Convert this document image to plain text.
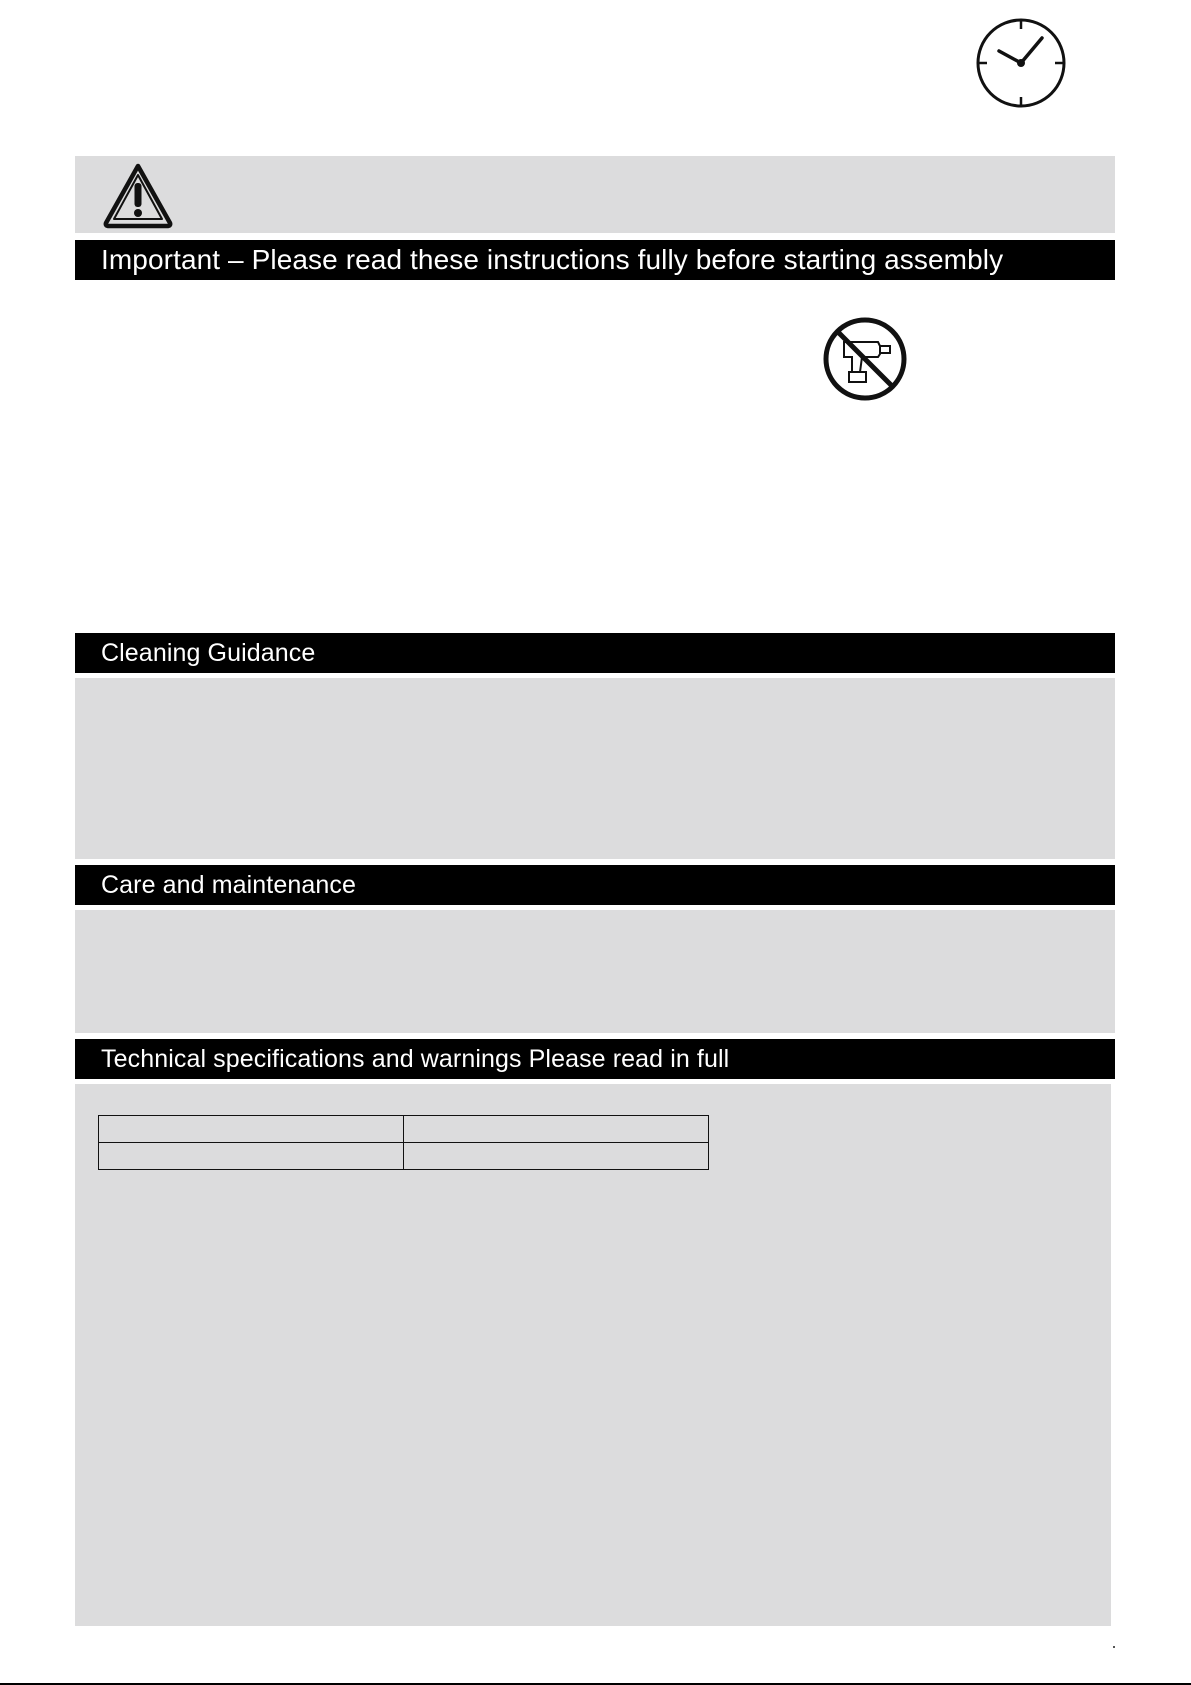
Important – Please read these instructions fully before starting assembly
Cleaning Guidance
Care and maintenance
Technical specifications and warnings Please read in full
